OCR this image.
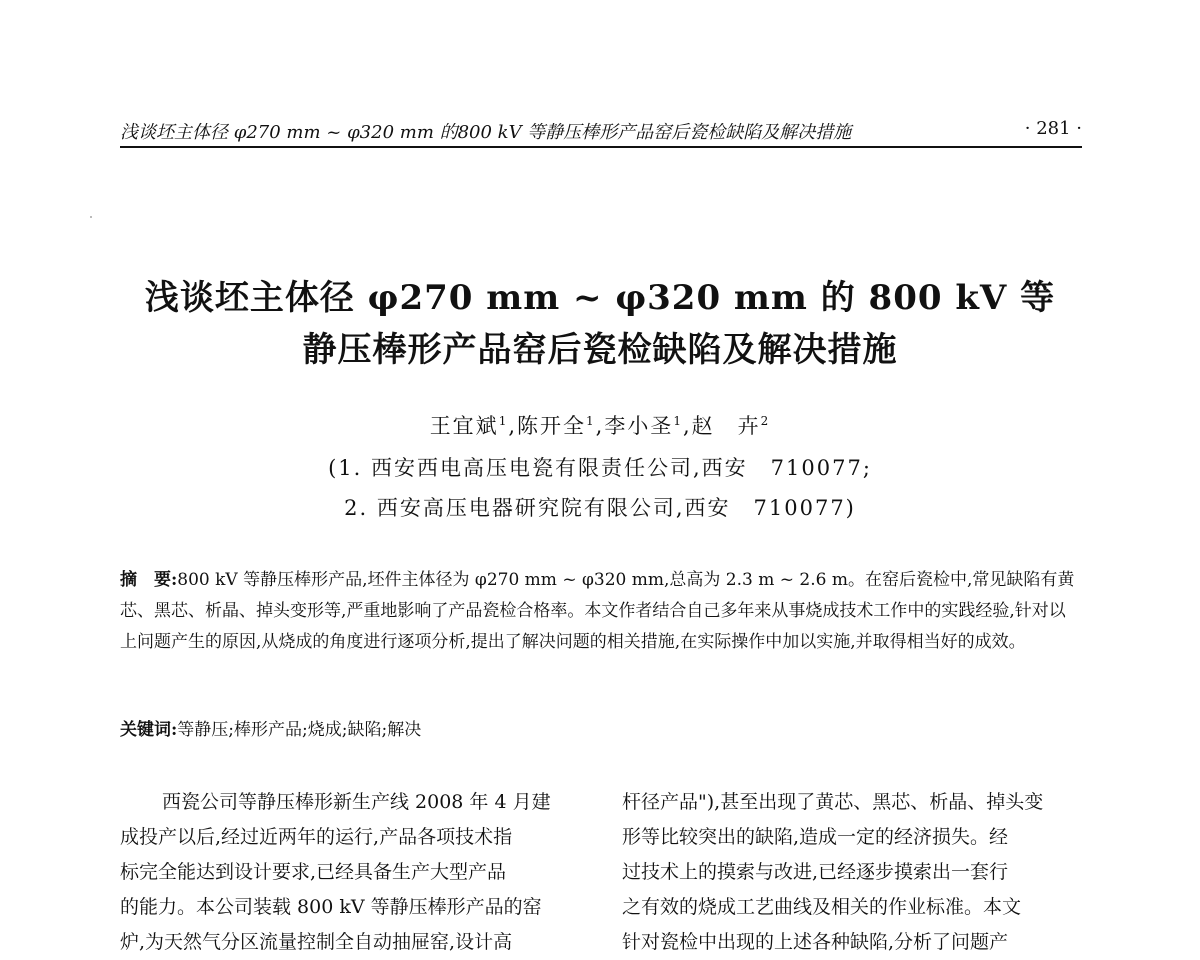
浅谈坯主体径 φ270 mm ~ φ320 mm 的800 kV 等静压棒形产品窑后瓷检缺陷及解决措施	· 281 ·
浅谈坯主体径 φ270 mm ~ φ320 mm 的 800 kV 等
静压棒形产品窑后瓷检缺陷及解决措施
王宜斌$^1$,陈开全$^1$,李小圣$^1$,赵　卉$^2$
(1. 西安西电高压电瓷有限责任公司,西安　710077;
2. 西安高压电器研究院有限公司,西安　710077)
摘　要:800 kV 等静压棒形产品,坯件主体径为 φ270 mm ~ φ320 mm,总高为 2.3 m ~ 2.6 m。在窑后瓷检中,常见缺陷有黄芯、黑芯、析晶、掉头变形等,严重地影响了产品瓷检合格率。本文作者结合自己多年来从事烧成技术工作中的实践经验,针对以上问题产生的原因,从烧成的角度进行逐项分析,提出了解决问题的相关措施,在实际操作中加以实施,并取得相当好的成效。
关键词:等静压;棒形产品;烧成;缺陷;解决
西瓷公司等静压棒形新生产线 2008 年 4 月建
成投产以后,经过近两年的运行,产品各项技术指
标完全能达到设计要求,已经具备生产大型产品
的能力。本公司装载 800 kV 等静压棒形产品的窑
炉,为天然气分区流量控制全自动抽屉窑,设计高
杆径产品"),甚至出现了黄芯、黑芯、析晶、掉头变
形等比较突出的缺陷,造成一定的经济损失。经
过技术上的摸索与改进,已经逐步摸索出一套行
之有效的烧成工艺曲线及相关的作业标准。本文
针对瓷检中出现的上述各种缺陷,分析了问题产
